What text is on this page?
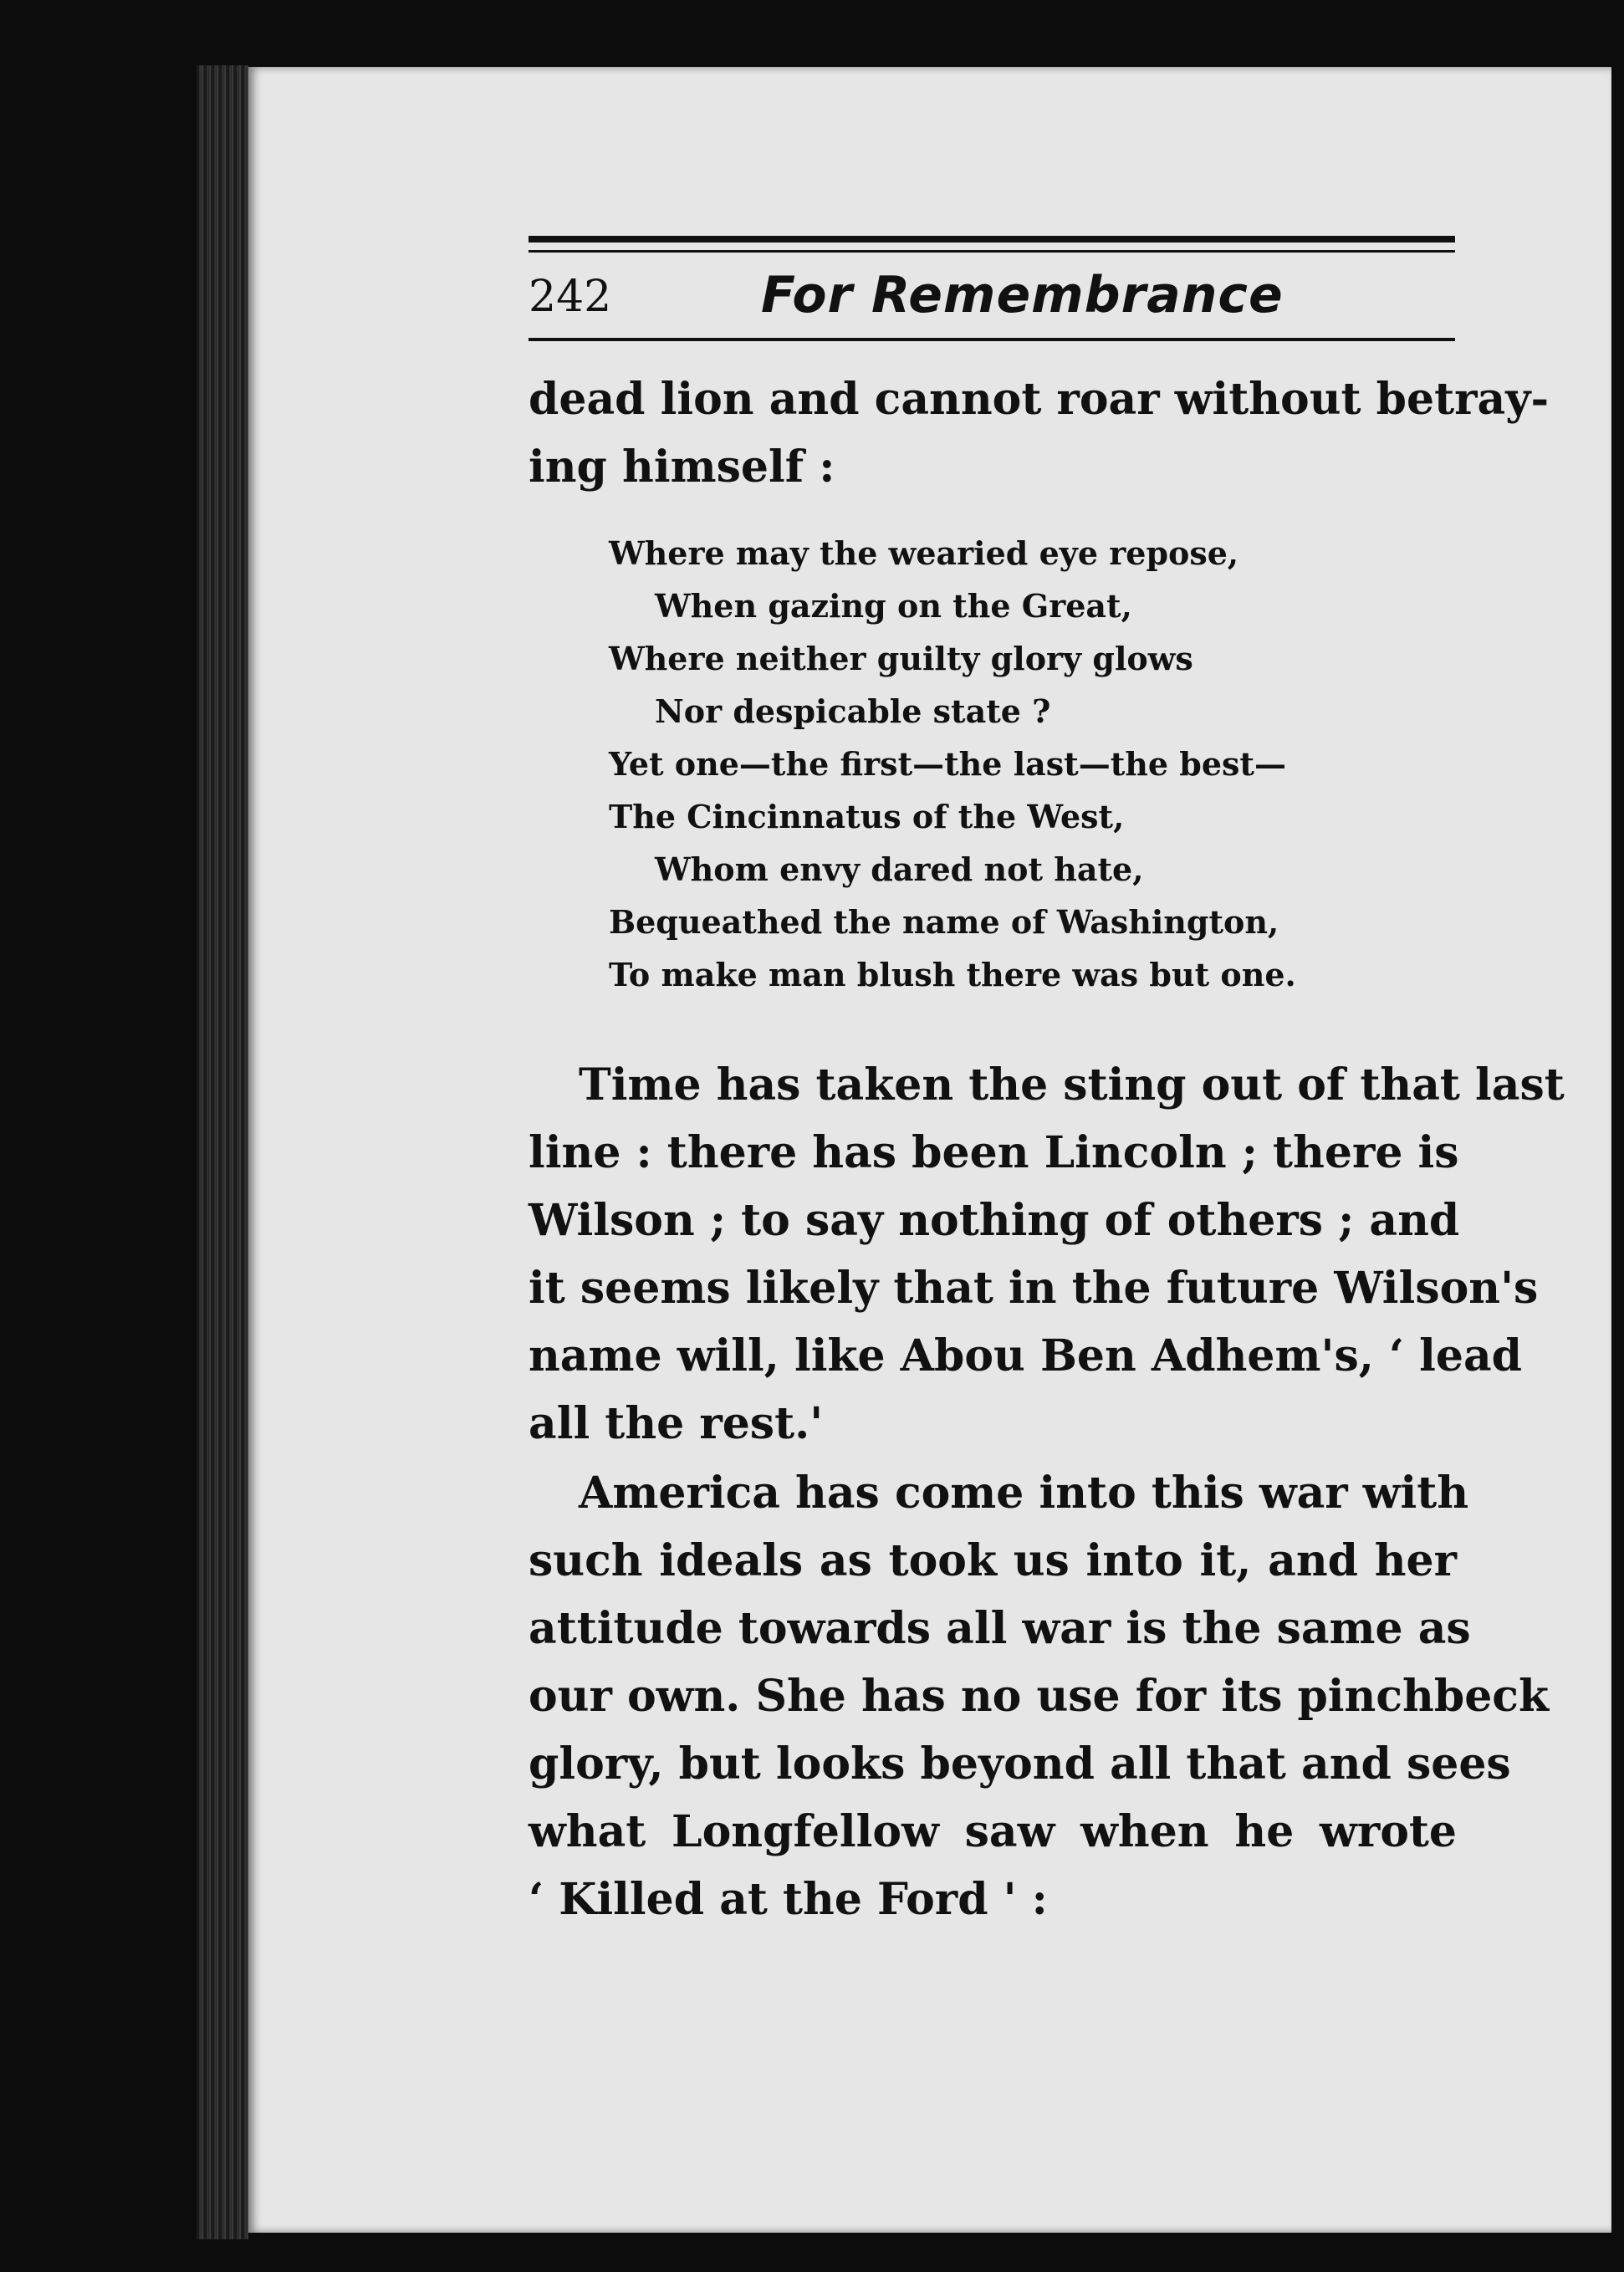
242	For Remembrance
dead lion and cannot roar without betray-
ing himself :
Where may the wearied eye repose,
When gazing on the Great,
Where neither guilty glory glows
Nor despicable state ?
Yet one—the first—the last—the best—
The Cincinnatus of the West,
Whom envy dared not hate,
Bequeathed the name of Washington,
To make man blush there was but one.
Time has taken the sting out of that last
line : there has been Lincoln ; there is
Wilson ; to say nothing of others ; and
it seems likely that in the future Wilson's
name will, like Abou Ben Adhem's, ‘ lead
all the rest.'
America has come into this war with
such ideals as took us into it, and her
attitude towards all war is the same as
our own. She has no use for its pinchbeck
glory, but looks beyond all that and sees
what Longfellow saw when he wrote
‘ Killed at the Ford ' :
